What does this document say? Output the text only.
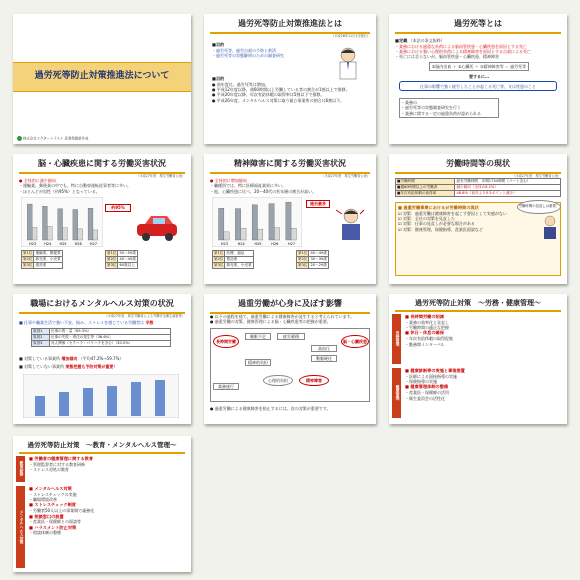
過労死等防止対策推進法について
株式会社ドクタートラスト 産業保健新作成
過労死等防止対策推進法とは
（平成26年11月1日施行）
■目的
・過労死等、過労自殺の予防と救済
・過労死等の実態解明のための調査研究
■目的
● 前年度比、過労死等は増加。
● 平成12年度以降、週60時間以上労働している者の割合が1割以上で推移。
● 平成20年度以降、年次有給休暇の取得率は5割以下で推移。
● 平成26年度、メンタルヘルス対策に取り組む事業所の割合は6割以下。
過労死等とは
■定義 （本法の条文抜粋）
・業務における過重な負荷による脳血管疾患・心臓疾患を原因とする死亡
・業務における強い心理的負荷による精神障害を原因とする自殺による死亡
・死亡には至らないが、脳血管疾患・心臓疾患、精神障害
①脳内出血 ＋ ②心臓死 ＋ ③精神障害等 ＝ 過労死等
要するに…
仕事の影響で強く疲労したことが起こる死亡等、又は疾患のこと
・業務の
・過労死等の実態調査研究を行う
・業務に関する一定の過重負荷が認められる
脳・心臓疾患に関する労働災害状況
（平成27年度　厚生労働省公表）
● 全体的に減少傾向
・運輸業、郵便業の中でも、特に自動車運転従事者等に多い。
・ほとんどが男性（約95%）となっている。
H23 H24 H25 H26 H27
約95%
第1位	運輸業、郵便業
第2位	卸売業、小売業
第3位	建設業
第1位	50〜59歳
第2位	40〜49歳
第3位	60歳以上
精神障害に関する労働災害状況
（平成27年度　厚生労働省公表）
● 全体的に増加傾向
・職種別では、特に医療福祉業界に多い。
・他、心臓疾患に比べ、20〜40代の若年層の割合が高い。
H23	H24	H25	H26	H27
過去最多
第1位	医療、福祉
第2位	製造業
第3位	卸売業、小売業
第1位	40〜49歳
第2位	30〜39歳
第3位	20〜29歳
労働時間等の現状
（平成27年度　厚生労働省公表）
■労働時間	総実労働時間　年間1734時間（パート含む）
■週60時間以上の労働者	減少傾向（全体の8.2%）
■年次有給休暇の取得率	48.8%（前年より0.5ポイント減少）
■ 過重労働事業におけるが労働時間の現状
☑ 対策：過重労働は健康障害を起こす要因として実感がない
☑ 対策：全社の対策を見直した
☑ 対策：仕事の見直しが必要な場合がある
☑ 対策：健康管理、保健指導、産業医面談など
労働時間の見直しは重要！
職場におけるメンタルヘルス対策の状況
（平成27年度　厚生労働省による労働安全衛生調査等）
■ 仕事や職業生活で強い不安、悩み、ストレスを感じている労働者は 半数
原因1	仕事の質・量（65.3%）
原因2	仕事の失敗・責任の発生等（36.6%）
原因3	対人関係（セクハラ・パワハラを含む）（30.5%）
■ 対策している事業所 増加傾向 （平均47.2%→59.7%）
■ 対策していない事業所 実態把握も予防対策が重要！
過重労働が心身に及ぼす影響
● 以下の過程を経て、過重労働による健康障害が発生すると考えられています。
● 過重労働の対策、健康管理による脳・心臓疾患等の把握が重要。
長時間労働
睡眠不足	疲労蓄積
高血圧
動脈硬化
脳・心臓疾患
精神的負担
心理的負担	精神障害
業務遂行
● 過重労働による健康障害を防止するには、次の対策が重要です。
過労死等防止対策　〜労務・健康管理〜
労務管理
健康管理
■ 長時間労働の削減
・業務の効率化と見直し
・労働時間の適正な把握
■ 休日・休息の確保
・年次有給休暇の取得促進
・勤務間インターバル
■ 健康診断等の実施と事後措置
・医師による面接指導の実施
・保健指導の実施
■ 健康管理体制の整備
・産業医・保健師の活用
・衛生委員会の活性化
過労死等防止対策　〜教育・メンタルヘルス管理〜
教育研修
メンタルヘルス対策
■ 労働者の健康管理に関する教育
・管理監督者に対する教育研修
・ストレス対処の教育
■ メンタルヘルス対策
・ストレスチェックの実施
・職場環境改善
■ ストレスチェック制度
・労働者50人以上の事業場で義務化
■ 相談窓口の設置
・産業医・保健師との面談等
■ ハラスメント防止対策
・相談体制の整備
